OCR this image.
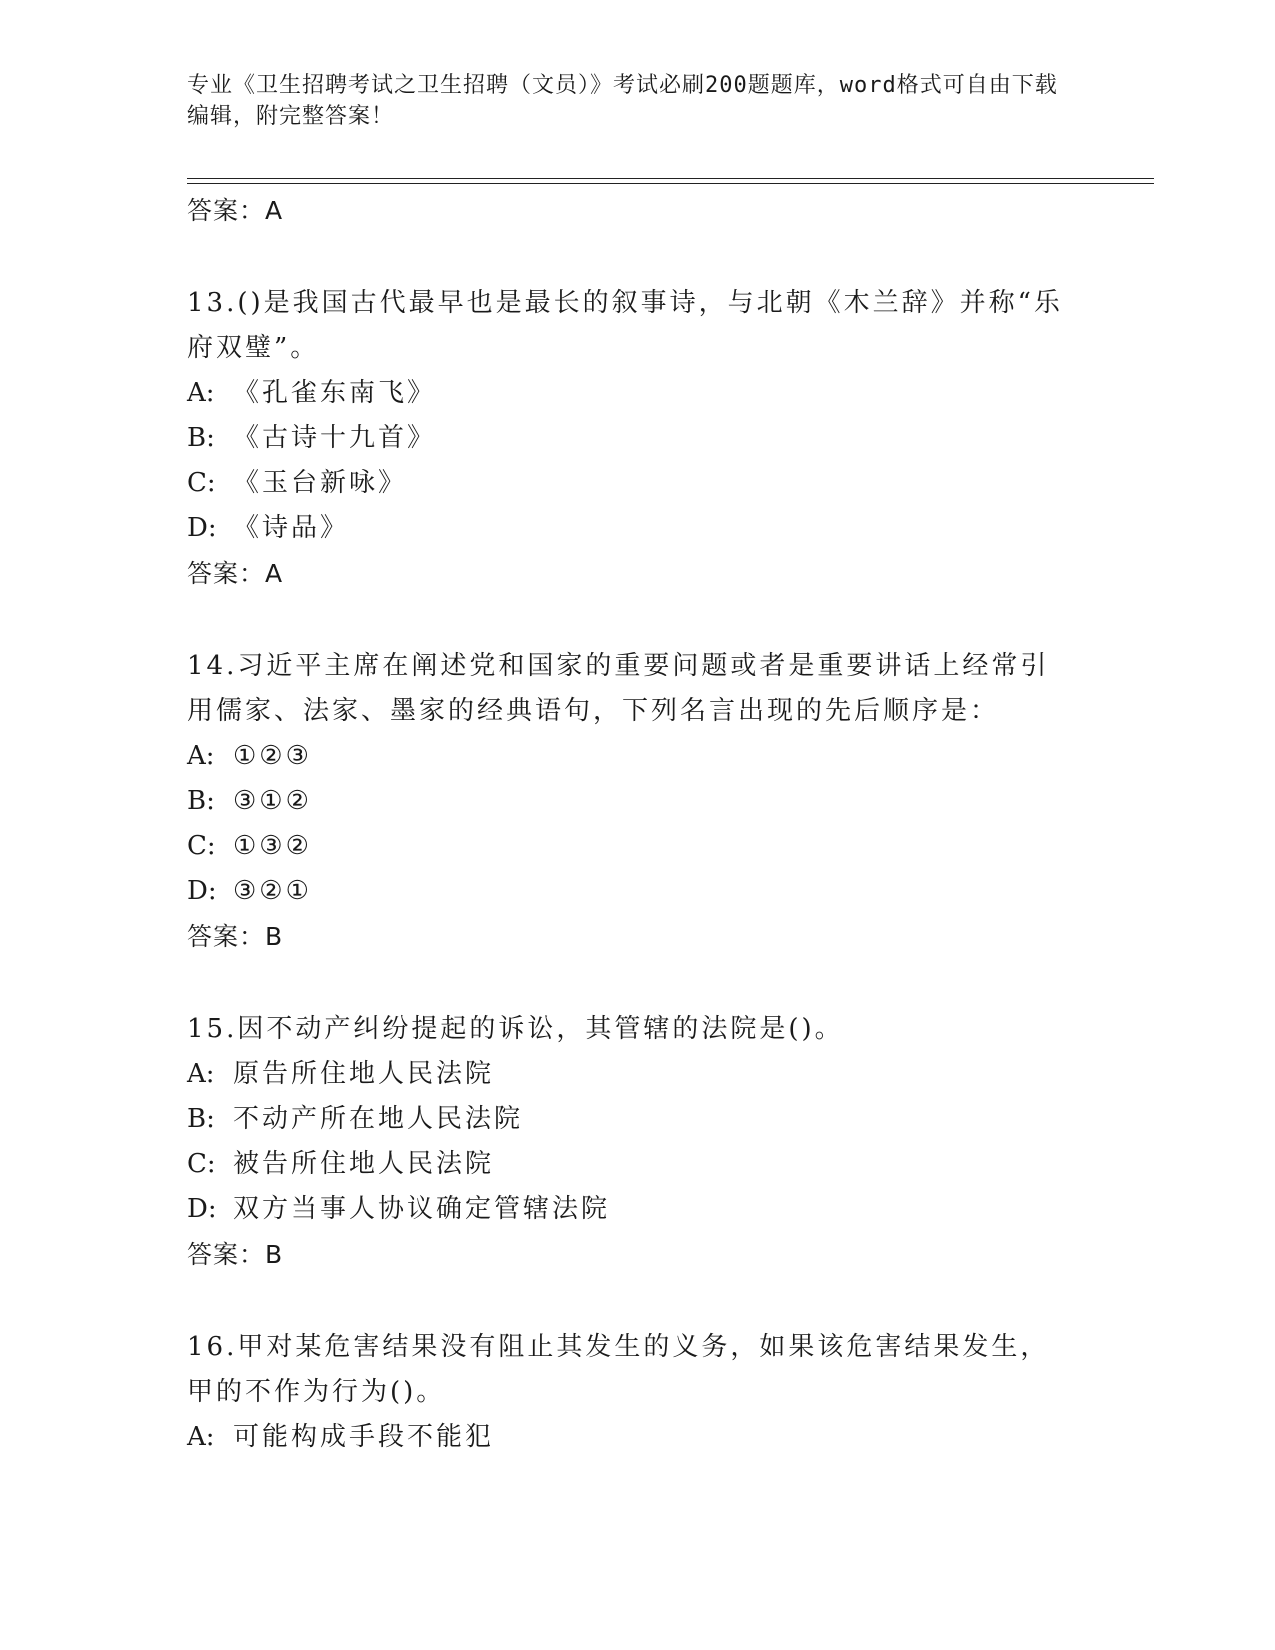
专业《卫生招聘考试之卫生招聘（文员）》考试必刷200题题库，word格式可自由下载编辑，附完整答案！
答案：A
13.()是我国古代最早也是最长的叙事诗，与北朝《木兰辞》并称“乐府双璧”。
A: 《孔雀东南飞》
B: 《古诗十九首》
C: 《玉台新咏》
D: 《诗品》
答案：A
14.习近平主席在阐述党和国家的重要问题或者是重要讲话上经常引用儒家、法家、墨家的经典语句，下列名言出现的先后顺序是：
A: ①②③
B: ③①②
C: ①③②
D: ③②①
答案：B
15.因不动产纠纷提起的诉讼，其管辖的法院是()。
A: 原告所住地人民法院
B: 不动产所在地人民法院
C: 被告所住地人民法院
D: 双方当事人协议确定管辖法院
答案：B
16.甲对某危害结果没有阻止其发生的义务，如果该危害结果发生，甲的不作为行为()。
A: 可能构成手段不能犯
